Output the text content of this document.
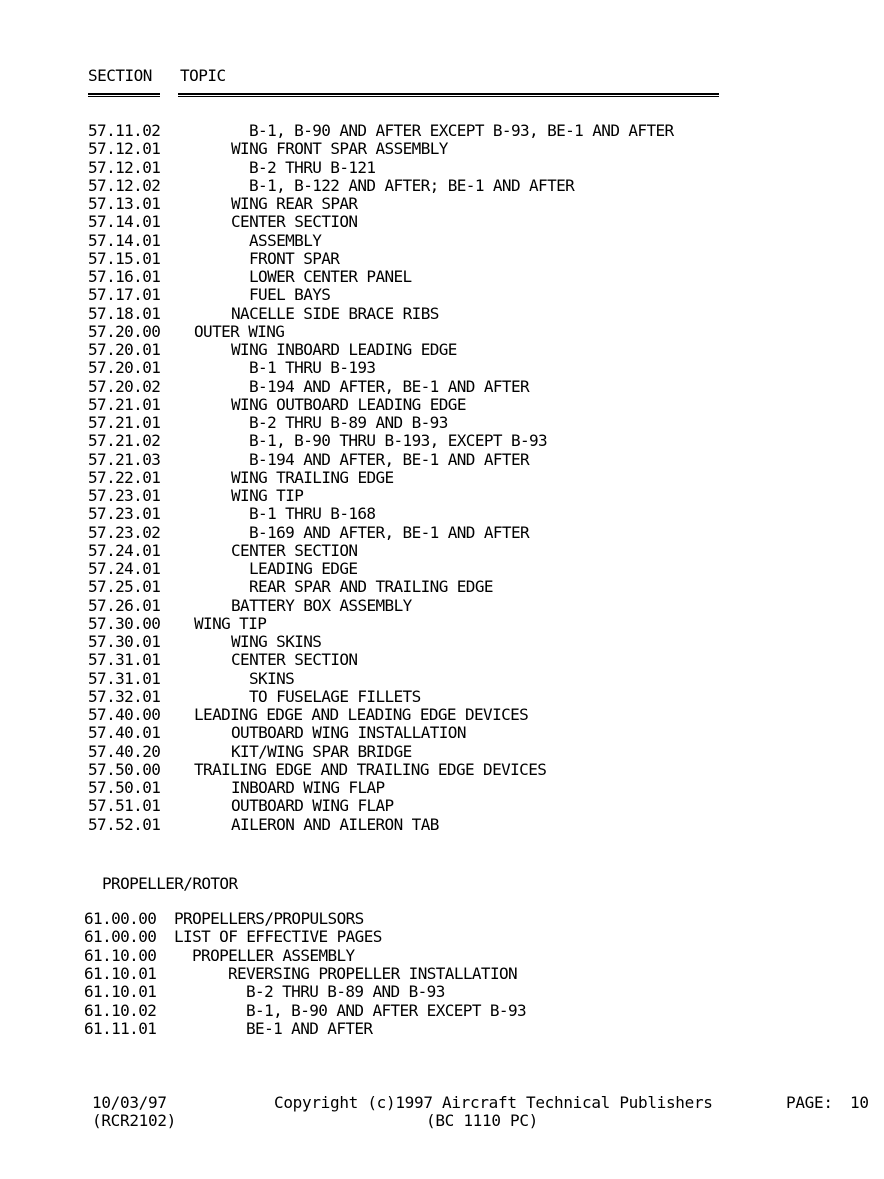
SECTION TOPIC
57.11.02	B-1, B-90 AND AFTER EXCEPT B-93, BE-1 AND AFTER
57.12.01	WING FRONT SPAR ASSEMBLY
57.12.01	B-2 THRU B-121
57.12.02	B-1, B-122 AND AFTER; BE-1 AND AFTER
57.13.01	WING REAR SPAR
57.14.01	CENTER SECTION
57.14.01	ASSEMBLY
57.15.01	FRONT SPAR
57.16.01	LOWER CENTER PANEL
57.17.01	FUEL BAYS
57.18.01	NACELLE SIDE BRACE RIBS
57.20.00 OUTER WING
57.20.01	WING INBOARD LEADING EDGE
57.20.01	B-1 THRU B-193
57.20.02	B-194 AND AFTER, BE-1 AND AFTER
57.21.01	WING OUTBOARD LEADING EDGE
57.21.01	B-2 THRU B-89 AND B-93
57.21.02	B-1, B-90 THRU B-193, EXCEPT B-93
57.21.03	B-194 AND AFTER, BE-1 AND AFTER
57.22.01	WING TRAILING EDGE
57.23.01	WING TIP
57.23.01	B-1 THRU B-168
57.23.02	B-169 AND AFTER, BE-1 AND AFTER
57.24.01	CENTER SECTION
57.24.01	LEADING EDGE
57.25.01	REAR SPAR AND TRAILING EDGE
57.26.01	BATTERY BOX ASSEMBLY
57.30.00 WING TIP
57.30.01	WING SKINS
57.31.01	CENTER SECTION
57.31.01	SKINS
57.32.01	TO FUSELAGE FILLETS
57.40.00 LEADING EDGE AND LEADING EDGE DEVICES
57.40.01	OUTBOARD WING INSTALLATION
57.40.20	KIT/WING SPAR BRIDGE
57.50.00 TRAILING EDGE AND TRAILING EDGE DEVICES
57.50.01	INBOARD WING FLAP
57.51.01	OUTBOARD WING FLAP
57.52.01	AILERON AND AILERON TAB
PROPELLER/ROTOR
61.00.00 PROPELLERS/PROPULSORS
61.00.00 LIST OF EFFECTIVE PAGES
61.10.00 PROPELLER ASSEMBLY
61.10.01	REVERSING PROPELLER INSTALLATION
61.10.01	B-2 THRU B-89 AND B-93
61.10.02	B-1, B-90 AND AFTER EXCEPT B-93
61.11.01	BE-1 AND AFTER
10/03/97
(RCR2102)
Copyright (c)1997 Aircraft Technical Publishers
(BC 1110 PC)
PAGE: 10
